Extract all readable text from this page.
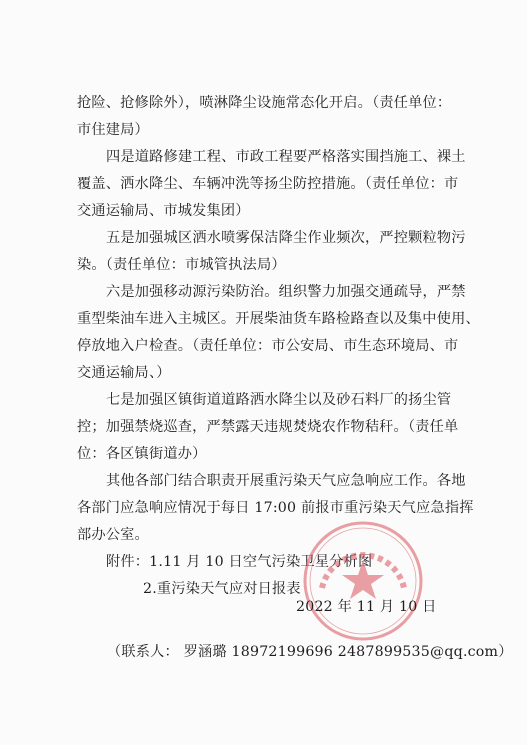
抢险、抢修除外），喷淋降尘设施常态化开启。（责任单位：
市住建局）
四是道路修建工程、市政工程要严格落实围挡施工、裸土
覆盖、洒水降尘、车辆冲洗等扬尘防控措施。（责任单位：市
交通运输局、市城发集团）
五是加强城区洒水喷雾保洁降尘作业频次，严控颗粒物污
染。（责任单位：市城管执法局）
六是加强移动源污染防治。组织警力加强交通疏导，严禁
重型柴油车进入主城区。开展柴油货车路检路查以及集中使用、
停放地入户检查。（责任单位：市公安局、市生态环境局、市
交通运输局、）
七是加强区镇街道道路洒水降尘以及砂石料厂的扬尘管
控；加强禁烧巡查，严禁露天违规焚烧农作物秸秆。（责任单
位：各区镇街道办）
其他各部门结合职责开展重污染天气应急响应工作。各地
各部门应急响应情况于每日 17:00 前报市重污染天气应急指挥
部办公室。
附件：1.11 月 10 日空气污染卫星分析图
2.重污染天气应对日报表
2022 年 11 月 10 日
（联系人： 罗涵璐 18972199696 2487899535@qq.com）
